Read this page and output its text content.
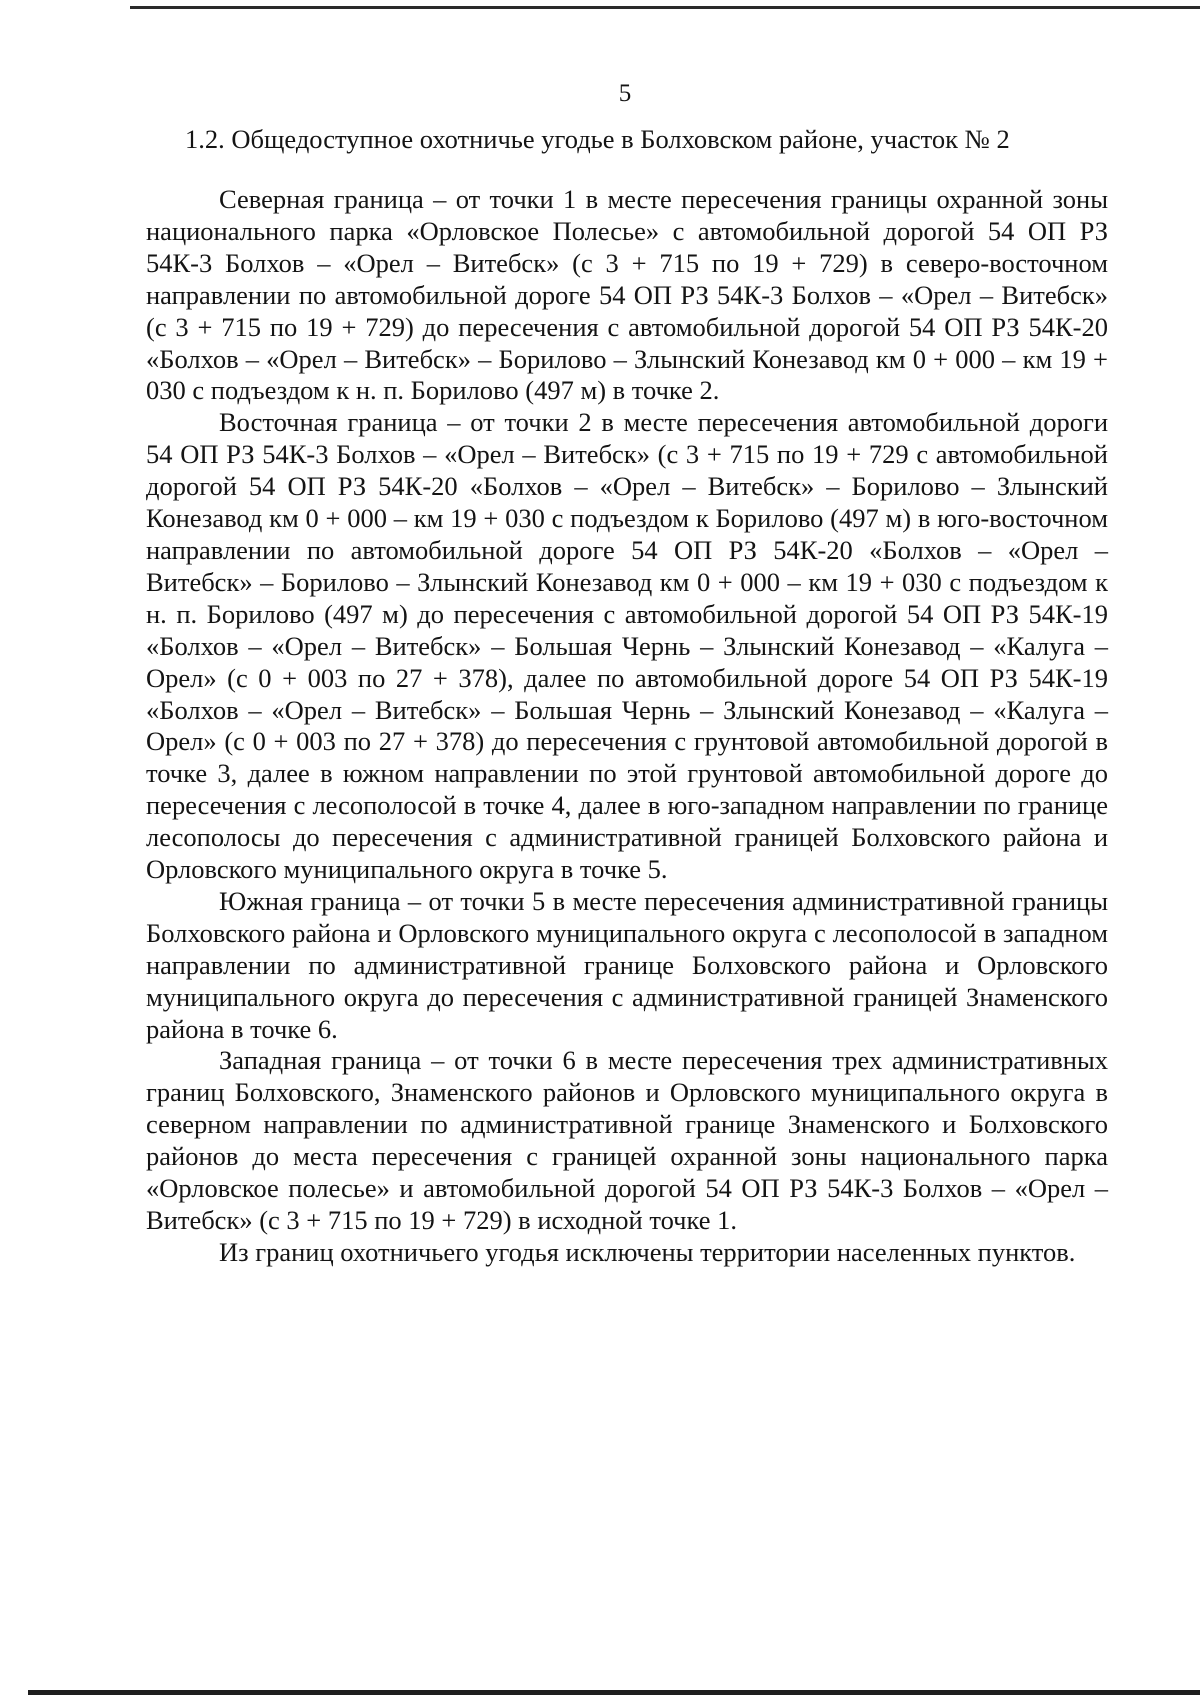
5
1.2. Общедоступное охотничье угодье в Болховском районе, участок № 2

Северная граница – от точки 1 в месте пересечения границы охранной зоны национального парка «Орловское Полесье» с автомобильной дорогой 54 ОП РЗ 54К-3 Болхов – «Орел – Витебск» (с 3 + 715 по 19 + 729) в северо-восточном направлении по автомобильной дороге 54 ОП РЗ 54К-3 Болхов – «Орел – Витебск» (с 3 + 715 по 19 + 729) до пересечения с автомобильной дорогой 54 ОП РЗ 54К-20 «Болхов – «Орел – Витебск» – Борилово – Злынский Конезавод км 0 + 000 – км 19 + 030 с подъездом к н. п. Борилово (497 м) в точке 2.

Восточная граница – от точки 2 в месте пересечения автомобильной дороги 54 ОП РЗ 54К-3 Болхов – «Орел – Витебск» (с 3 + 715 по 19 + 729 с автомобильной дорогой 54 ОП РЗ 54К-20 «Болхов – «Орел – Витебск» – Борилово – Злынский Конезавод км 0 + 000 – км 19 + 030 с подъездом к Борилово (497 м) в юго-восточном направлении по автомобильной дороге 54 ОП РЗ 54К-20 «Болхов – «Орел – Витебск» – Борилово – Злынский Конезавод км 0 + 000 – км 19 + 030 с подъездом к н. п. Борилово (497 м) до пересечения с автомобильной дорогой 54 ОП РЗ 54К-19 «Болхов – «Орел – Витебск» – Большая Чернь – Злынский Конезавод – «Калуга – Орел» (с 0 + 003 по 27 + 378), далее по автомобильной дороге 54 ОП РЗ 54К-19 «Болхов – «Орел – Витебск» – Большая Чернь – Злынский Конезавод – «Калуга – Орел» (с 0 + 003 по 27 + 378) до пересечения с грунтовой автомобильной дорогой в точке 3, далее в южном направлении по этой грунтовой автомобильной дороге до пересечения с лесополосой в точке 4, далее в юго-западном направлении по границе лесополосы до пересечения с административной границей Болховского района и Орловского муниципального округа в точке 5.

Южная граница – от точки 5 в месте пересечения административной границы Болховского района и Орловского муниципального округа с лесополосой в западном направлении по административной границе Болховского района и Орловского муниципального округа до пересечения с административной границей Знаменского района в точке 6.

Западная граница – от точки 6 в месте пересечения трех административных границ Болховского, Знаменского районов и Орловского муниципального округа в северном направлении по административной границе Знаменского и Болховского районов до места пересечения с границей охранной зоны национального парка «Орловское полесье» и автомобильной дорогой 54 ОП РЗ 54К-3 Болхов – «Орел – Витебск» (с 3 + 715 по 19 + 729) в исходной точке 1.

Из границ охотничьего угодья исключены территории населенных пунктов.
